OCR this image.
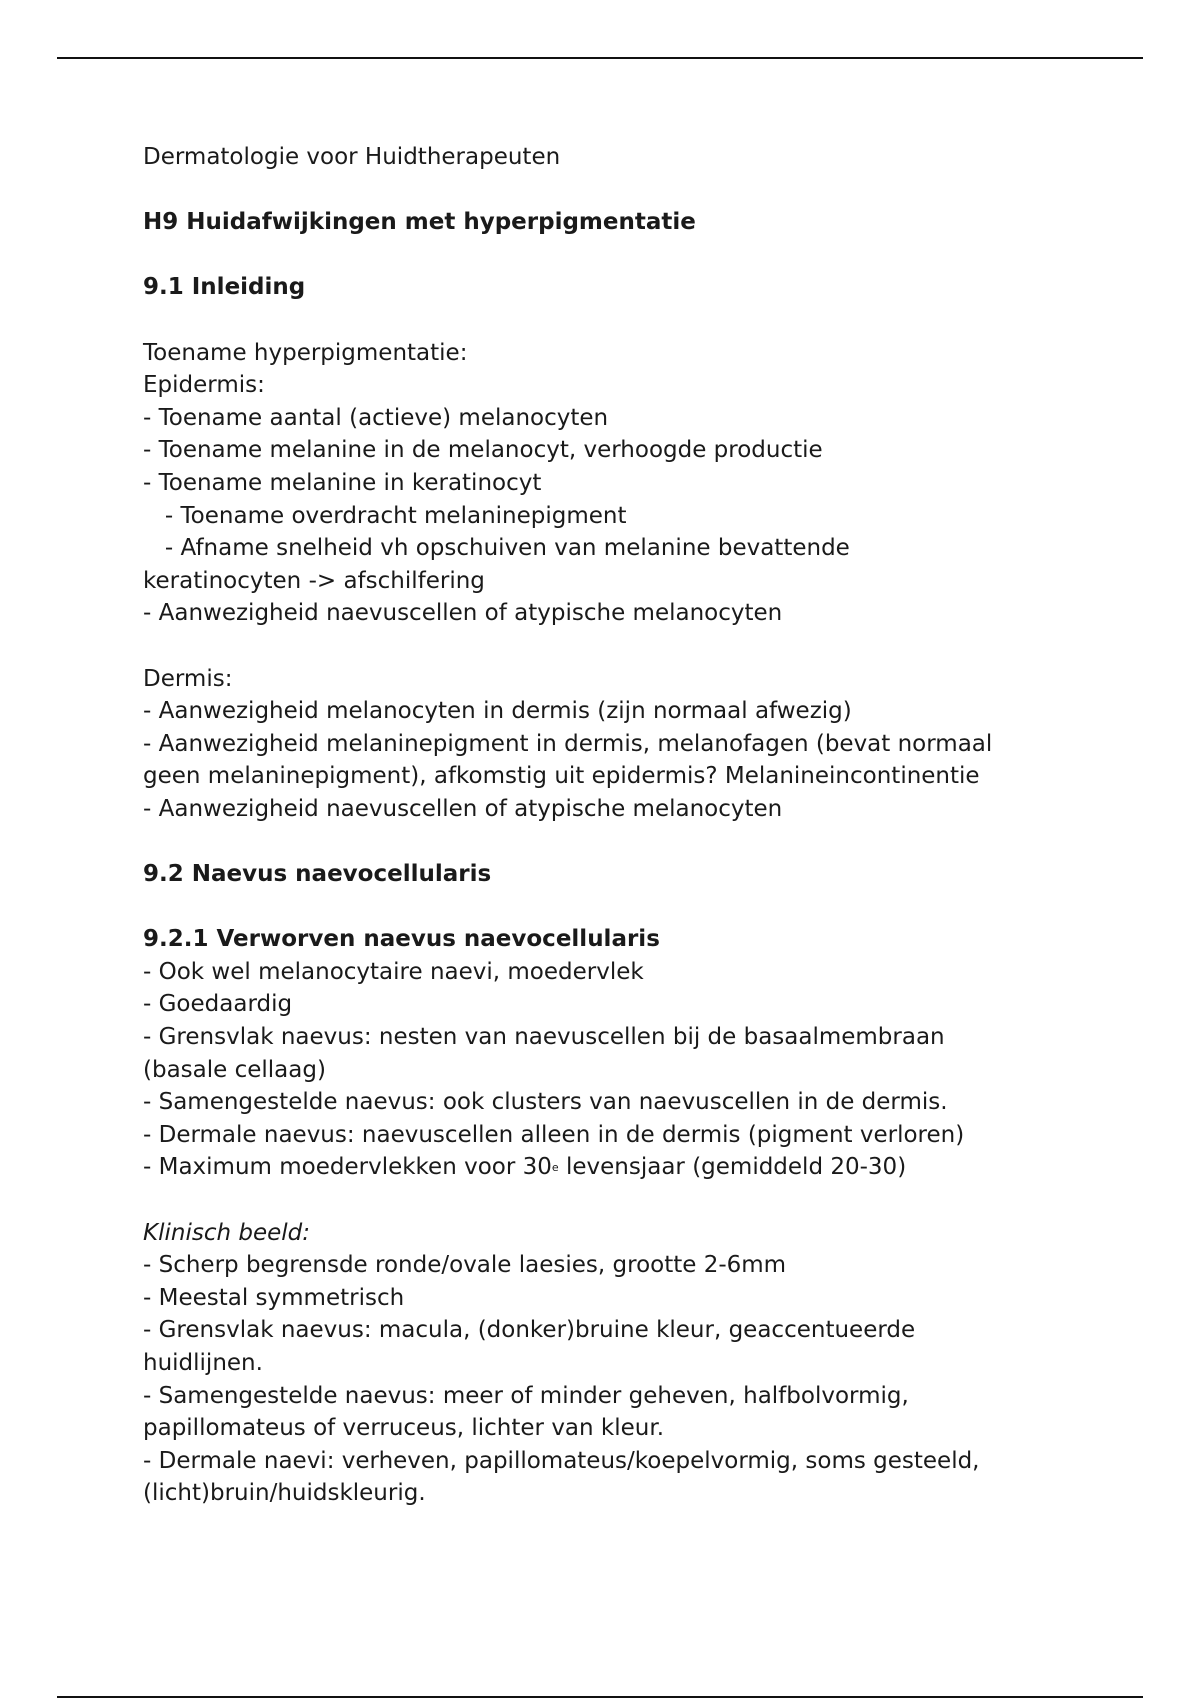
Dermatologie voor Huidtherapeuten
H9 Huidafwijkingen met hyperpigmentatie
9.1 Inleiding
Toename hyperpigmentatie:
Epidermis:
- Toename aantal (actieve) melanocyten
- Toename melanine in de melanocyt, verhoogde productie
- Toename melanine in keratinocyt
- Toename overdracht melaninepigment
- Afname snelheid vh opschuiven van melanine bevattende
keratinocyten -> afschilfering
- Aanwezigheid naevuscellen of atypische melanocyten
Dermis:
- Aanwezigheid melanocyten in dermis (zijn normaal afwezig)
- Aanwezigheid melaninepigment in dermis, melanofagen (bevat normaal
geen melaninepigment), afkomstig uit epidermis? Melanineincontinentie
- Aanwezigheid naevuscellen of atypische melanocyten
9.2 Naevus naevocellularis
9.2.1 Verworven naevus naevocellularis
- Ook wel melanocytaire naevi, moedervlek
- Goedaardig
- Grensvlak naevus: nesten van naevuscellen bij de basaalmembraan
(basale cellaag)
- Samengestelde naevus: ook clusters van naevuscellen in de dermis.
- Dermale naevus: naevuscellen alleen in de dermis (pigment verloren)
- Maximum moedervlekken voor 30e levensjaar (gemiddeld 20-30)
Klinisch beeld:
- Scherp begrensde ronde/ovale laesies, grootte 2-6mm
- Meestal symmetrisch
- Grensvlak naevus: macula, (donker)bruine kleur, geaccentueerde
huidlijnen.
- Samengestelde naevus: meer of minder geheven, halfbolvormig,
papillomateus of verruceus, lichter van kleur.
- Dermale naevi: verheven, papillomateus/koepelvormig, soms gesteeld,
(licht)bruin/huidskleurig.
